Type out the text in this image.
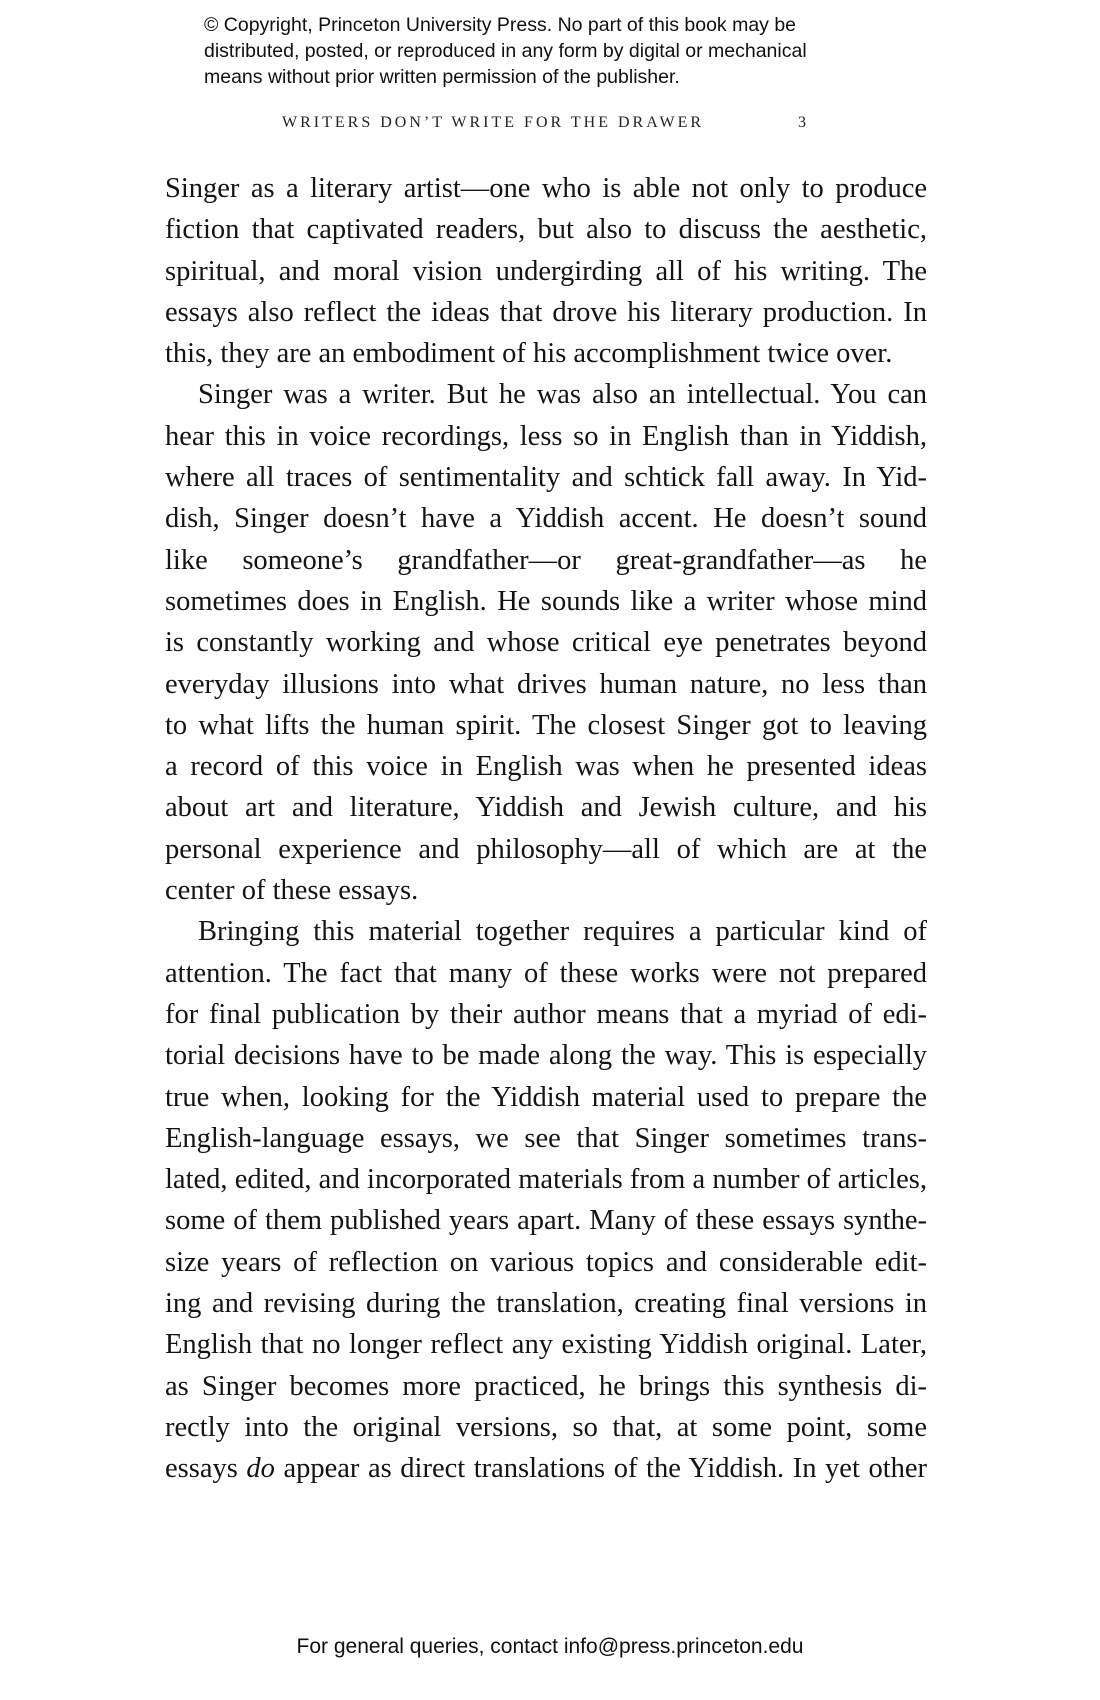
© Copyright, Princeton University Press. No part of this book may be
distributed, posted, or reproduced in any form by digital or mechanical
means without prior written permission of the publisher.
WRITERS DON’T WRITE FOR THE DRAWER	3
Singer as a literary artist—one who is able not only to produce
fiction that captivated readers, but also to discuss the aesthetic,
spiritual, and moral vision undergirding all of his writing. The
essays also reflect the ideas that drove his literary production. In
this, they are an embodiment of his accomplishment twice over.
Singer was a writer. But he was also an intellectual. You can
hear this in voice recordings, less so in English than in Yiddish,
where all traces of sentimentality and schtick fall away. In Yid-
dish, Singer doesn’t have a Yiddish accent. He doesn’t sound
like someone’s grandfather—or great-grandfather—as he
sometimes does in English. He sounds like a writer whose mind
is constantly working and whose critical eye penetrates beyond
everyday illusions into what drives human nature, no less than
to what lifts the human spirit. The closest Singer got to leaving
a record of this voice in English was when he presented ideas
about art and literature, Yiddish and Jewish culture, and his
personal experience and philosophy—all of which are at the
center of these essays.
Bringing this material together requires a particular kind of
attention. The fact that many of these works were not prepared
for final publication by their author means that a myriad of edi-
torial decisions have to be made along the way. This is especially
true when, looking for the Yiddish material used to prepare the
English-language essays, we see that Singer sometimes trans-
lated, edited, and incorporated materials from a number of articles,
some of them published years apart. Many of these essays synthe-
size years of reflection on various topics and considerable edit-
ing and revising during the translation, creating final versions in
English that no longer reflect any existing Yiddish original. Later,
as Singer becomes more practiced, he brings this synthesis di-
rectly into the original versions, so that, at some point, some
essays do appear as direct translations of the Yiddish. In yet other
For general queries, contact info@press.princeton.edu
